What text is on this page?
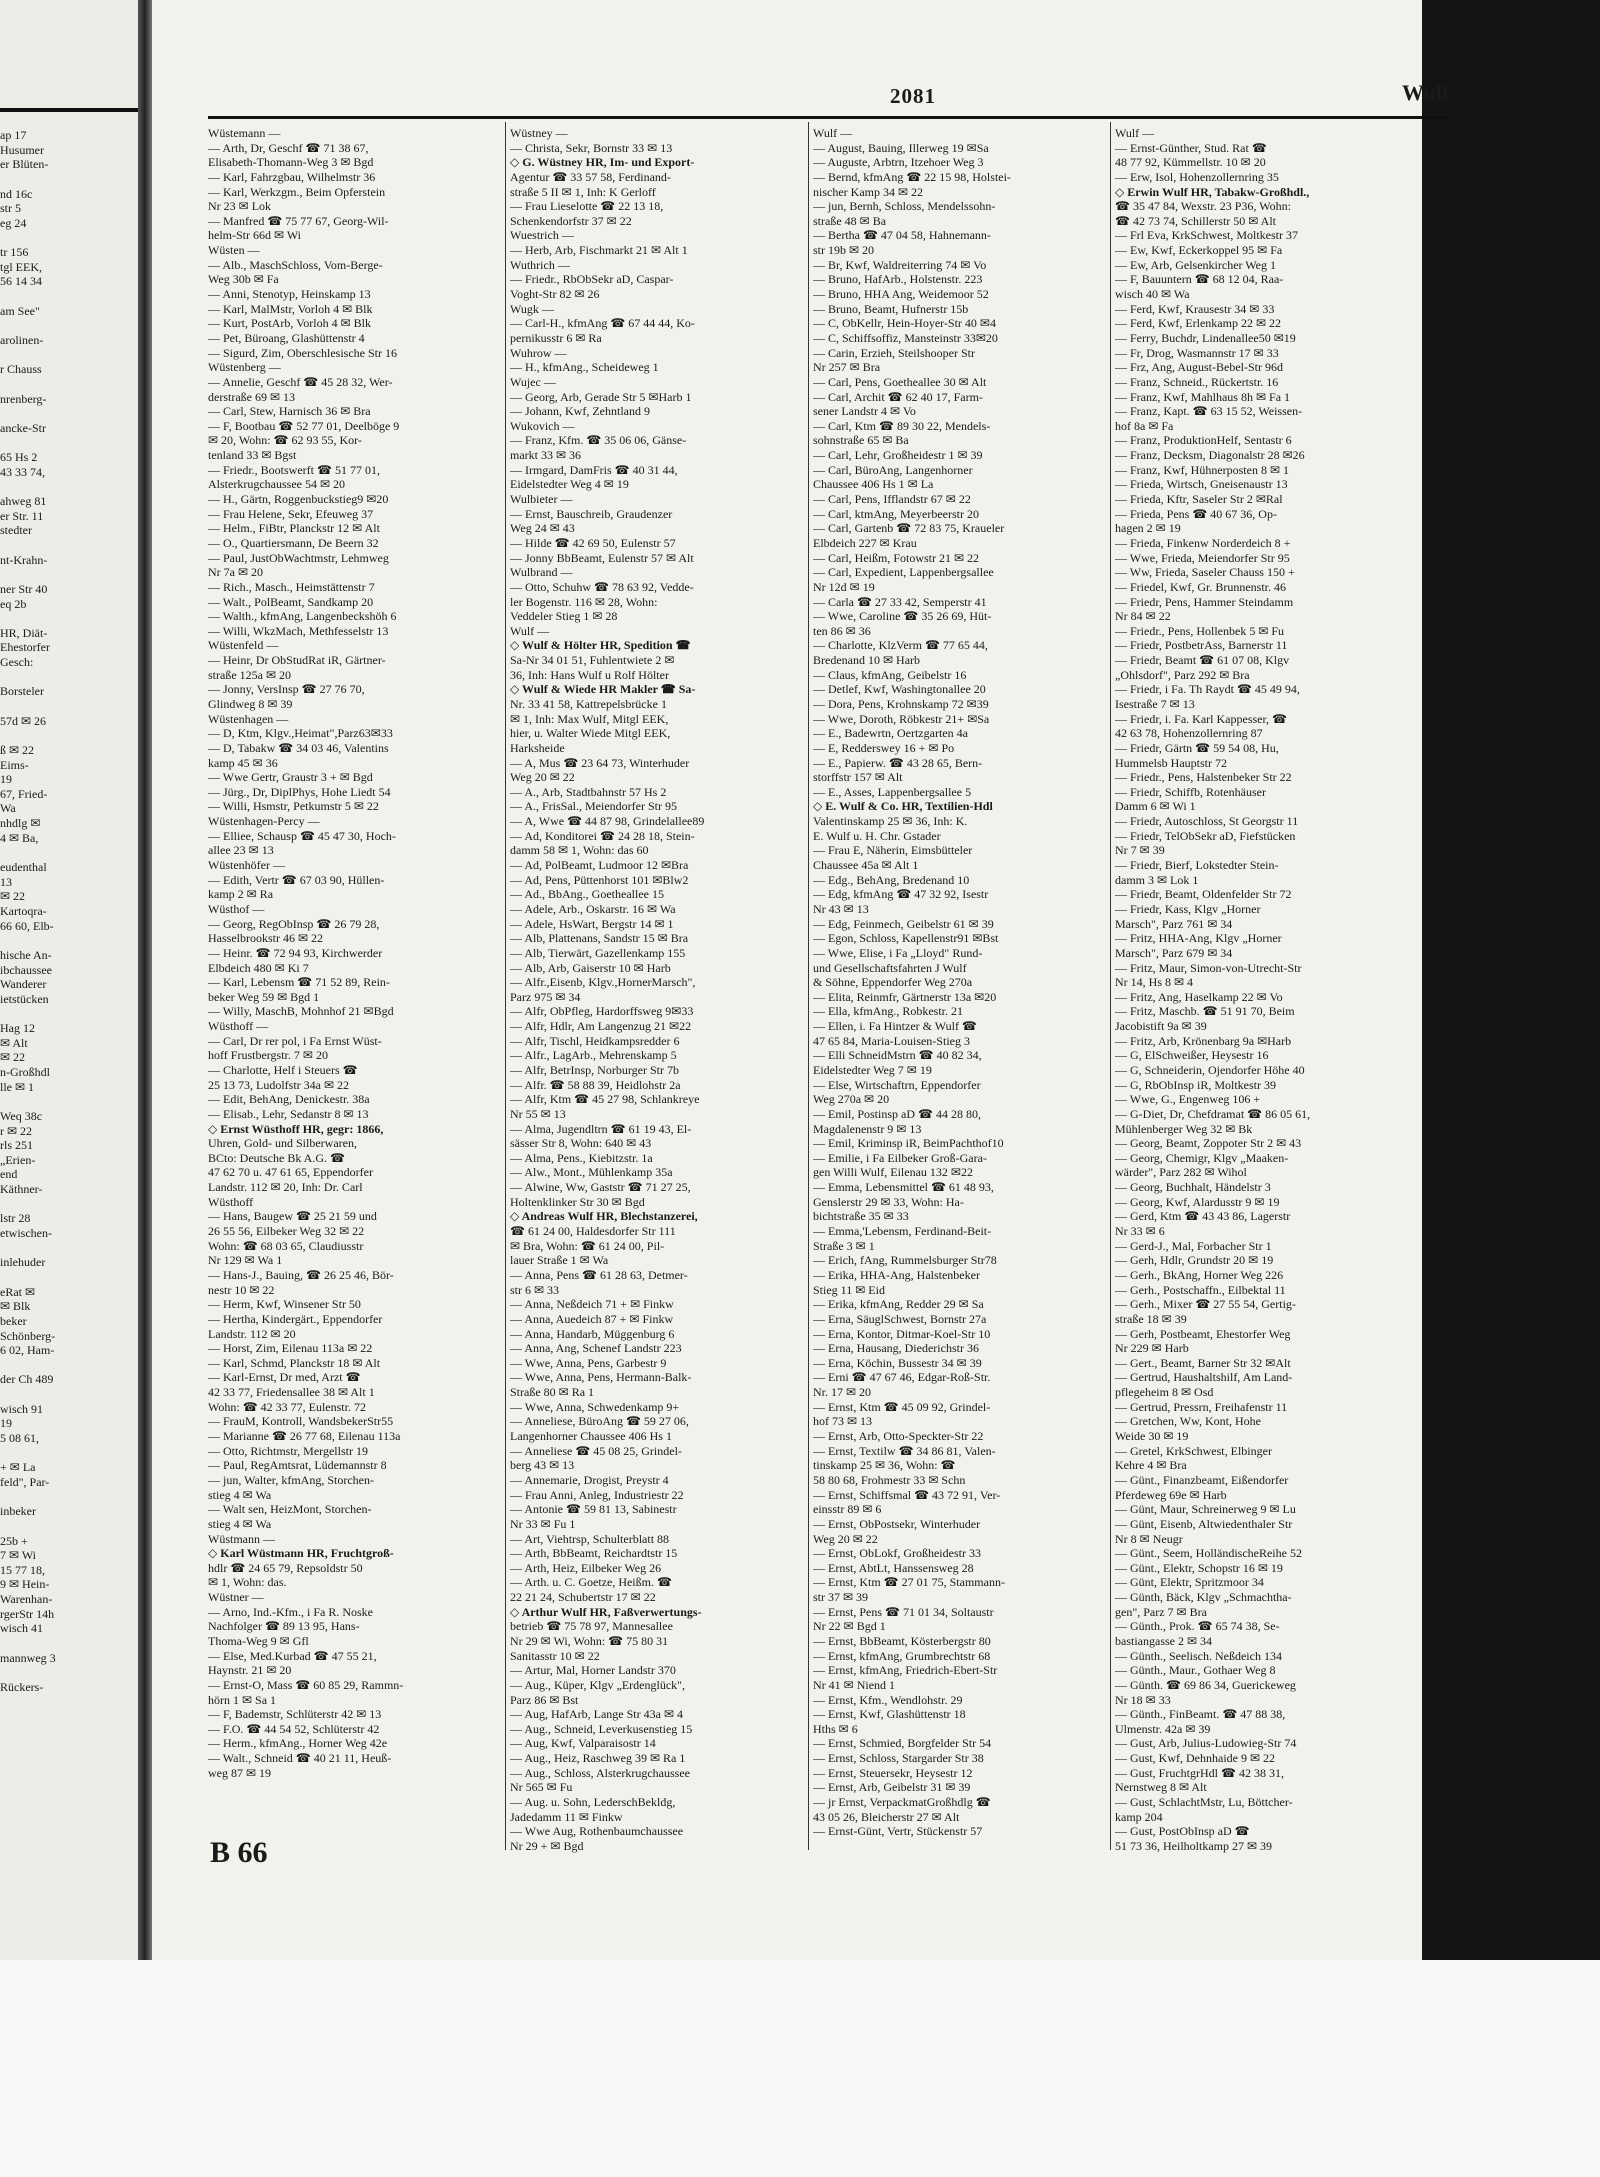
ap 17
Husumer
er Blüten-
nd 16c
str 5
eg 24
tr 156
tgl EEK,
56 14 34
am See"
arolinen-
r Chauss
nrenberg-
ancke-Str
65 Hs 2
43 33 74,
ahweg 81
er Str. 11
stedter
nt-Krahn-
ner Str 40
eq 2b
HR, Diät-
Ehestorfer
Gesch:
Borsteler
57d ✉ 26
ß ✉ 22
Eims-
19
67, Fried-
Wa
nhdlg ✉
4 ✉ Ba,
eudenthal
13
✉ 22
Kartoqra-
66 60, Elb-
hische An-
ibchaussee
Wanderer
ietstücken
Hag 12
✉ Alt
✉ 22
n-Großhdl
lle ✉ 1
Weq 38c
r ✉ 22
rls 251
„Erien-
end
Käthner-
lstr 28
etwischen-
inlehuder
eRat ✉
✉ Blk
beker
Schönberg-
6 02, Ham-
der Ch 489
wisch 91
19
5 08 61,
+ ✉ La
feld", Par-
inbeker
25b +
7 ✉ Wi
15 77 18,
9 ✉ Hein-
Warenhan-
rgerStr 14h
wisch 41
mannweg 3
Rückers-
2081	Wulf
Wüstemann —
— Arth, Dr, Geschf ☎ 71 38 67,
Elisabeth-Thomann-Weg 3 ✉ Bgd
— Karl, Fahrzgbau, Wilhelmstr 36
— Karl, Werkzgm., Beim Opferstein
Nr 23 ✉ Lok
— Manfred ☎ 75 77 67, Georg-Wil-
helm-Str 66d ✉ Wi
Wüsten —
— Alb., MaschSchloss, Vom-Berge-
Weg 30b ✉ Fa
— Anni, Stenotyp, Heinskamp 13
— Karl, MalMstr, Vorloh 4 ✉ Blk
— Kurt, PostArb, Vorloh 4 ✉ Blk
— Pet, Büroang, Glashüttenstr 4
— Sigurd, Zim, Oberschlesische Str 16
Wüstenberg —
— Annelie, Geschf ☎ 45 28 32, Wer-
derstraße 69 ✉ 13
— Carl, Stew, Harnisch 36 ✉ Bra
— F, Bootbau ☎ 52 77 01, Deelböge 9
✉ 20, Wohn: ☎ 62 93 55, Kor-
tenland 33 ✉ Bgst
— Friedr., Bootswerft ☎ 51 77 01,
Alsterkrugchaussee 54 ✉ 20
— H., Gärtn, Roggenbuckstieg9 ✉20
— Frau Helene, Sekr, Efeuweg 37
— Helm., FiBtr, Planckstr 12 ✉ Alt
— O., Quartiersmann, De Beern 32
— Paul, JustObWachtmstr, Lehmweg
Nr 7a ✉ 20
— Rich., Masch., Heimstättenstr 7
— Walt., PolBeamt, Sandkamp 20
— Walth., kfmAng, Langenbeckshöh 6
— Willi, WkzMach, Methfesselstr 13
Wüstenfeld —
— Heinr, Dr ObStudRat iR, Gärtner-
straße 125a ✉ 20
— Jonny, VersInsp ☎ 27 76 70,
Glindweg 8 ✉ 39
Wüstenhagen —
— D, Ktm, Klgv.,Heimat",Parz63✉33
— D, Tabakw ☎ 34 03 46, Valentins
kamp 45 ✉ 36
— Wwe Gertr, Graustr 3 + ✉ Bgd
— Jürg., Dr, DiplPhys, Hohe Liedt 54
— Willi, Hsmstr, Petkumstr 5 ✉ 22
Wüstenhagen-Percy —
— Elliee, Schausp ☎ 45 47 30, Hoch-
allee 23 ✉ 13
Wüstenhöfer —
— Edith, Vertr ☎ 67 03 90, Hüllen-
kamp 2 ✉ Ra
Wüsthof —
— Georg, RegObInsp ☎ 26 79 28,
Hasselbrookstr 46 ✉ 22
— Heinr. ☎ 72 94 93, Kirchwerder
Elbdeich 480 ✉ Ki 7
— Karl, Lebensm ☎ 71 52 89, Rein-
beker Weg 59 ✉ Bgd 1
— Willy, MaschB, Mohnhof 21 ✉Bgd
Wüsthoff —
— Carl, Dr rer pol, i Fa Ernst Wüst-
hoff Frustbergstr. 7 ✉ 20
— Charlotte, Helf i Steuers ☎
25 13 73, Ludolfstr 34a ✉ 22
— Edit, BehAng, Denickestr. 38a
— Elisab., Lehr, Sedanstr 8 ✉ 13
◇ Ernst Wüsthoff HR, gegr: 1866,
Uhren, Gold- und Silberwaren,
BCto: Deutsche Bk A.G. ☎
47 62 70 u. 47 61 65, Eppendorfer
Landstr. 112 ✉ 20, Inh: Dr. Carl
Wüsthoff
— Hans, Baugew ☎ 25 21 59 und
26 55 56, Eilbeker Weg 32 ✉ 22
Wohn: ☎ 68 03 65, Claudiusstr
Nr 129 ✉ Wa 1
— Hans-J., Bauing, ☎ 26 25 46, Bör-
nestr 10 ✉ 22
— Herm, Kwf, Winsener Str 50
— Hertha, Kindergärt., Eppendorfer
Landstr. 112 ✉ 20
— Horst, Zim, Eilenau 113a ✉ 22
— Karl, Schmd, Planckstr 18 ✉ Alt
— Karl-Ernst, Dr med, Arzt ☎
42 33 77, Friedensallee 38 ✉ Alt 1
Wohn: ☎ 42 33 77, Eulenstr. 72
— FrauM, Kontroll, WandsbekerStr55
— Marianne ☎ 26 77 68, Eilenau 113a
— Otto, Richtmstr, Mergellstr 19
— Paul, RegAmtsrat, Lüdemannstr 8
— jun, Walter, kfmAng, Storchen-
stieg 4 ✉ Wa
— Walt sen, HeizMont, Storchen-
stieg 4 ✉ Wa
Wüstmann —
◇ Karl Wüstmann HR, Fruchtgroß-
hdlr ☎ 24 65 79, Repsoldstr 50
✉ 1, Wohn: das.
Wüstner —
— Arno, Ind.-Kfm., i Fa R. Noske
Nachfolger ☎ 89 13 95, Hans-
Thoma-Weg 9 ✉ Gfl
— Else, Med.Kurbad ☎ 47 55 21,
Haynstr. 21 ✉ 20
— Ernst-O, Mass ☎ 60 85 29, Rammn-
hörn 1 ✉ Sa 1
— F, Bademstr, Schlüterstr 42 ✉ 13
— F.O. ☎ 44 54 52, Schlüterstr 42
— Herm., kfmAng., Horner Weg 42e
— Walt., Schneid ☎ 40 21 11, Heuß-
weg 87 ✉ 19
Wüstney —
— Christa, Sekr, Bornstr 33 ✉ 13
◇ G. Wüstney HR, Im- und Export-
Agentur ☎ 33 57 58, Ferdinand-
straße 5 II ✉ 1, Inh: K Gerloff
— Frau Lieselotte ☎ 22 13 18,
Schenkendorfstr 37 ✉ 22
Wuestrich —
— Herb, Arb, Fischmarkt 21 ✉ Alt 1
Wuthrich —
— Friedr., RbObSekr aD, Caspar-
Voght-Str 82 ✉ 26
Wugk —
— Carl-H., kfmAng ☎ 67 44 44, Ko-
pernikusstr 6 ✉ Ra
Wuhrow —
— H., kfmAng., Scheideweg 1
Wujec —
— Georg, Arb, Gerade Str 5 ✉Harb 1
— Johann, Kwf, Zehntland 9
Wukovich —
— Franz, Kfm. ☎ 35 06 06, Gänse-
markt 33 ✉ 36
— Irmgard, DamFris ☎ 40 31 44,
Eidelstedter Weg 4 ✉ 19
Wulbieter —
— Ernst, Bauschreib, Graudenzer
Weg 24 ✉ 43
— Hilde ☎ 42 69 50, Eulenstr 57
— Jonny BbBeamt, Eulenstr 57 ✉ Alt
Wulbrand —
— Otto, Schuhw ☎ 78 63 92, Vedde-
ler Bogenstr. 116 ✉ 28, Wohn:
Veddeler Stieg 1 ✉ 28
Wulf —
◇ Wulf & Hölter HR, Spedition ☎
Sa-Nr 34 01 51, Fuhlentwiete 2 ✉
36, Inh: Hans Wulf u Rolf Hölter
◇ Wulf & Wiede HR Makler ☎ Sa-
Nr. 33 41 58, Kattrepelsbrücke 1
✉ 1, Inh: Max Wulf, Mitgl EEK,
hier, u. Walter Wiede Mitgl EEK,
Harksheide
— A, Mus ☎ 23 64 73, Winterhuder
Weg 20 ✉ 22
— A., Arb, Stadtbahnstr 57 Hs 2
— A., FrisSal., Meiendorfer Str 95
— A, Wwe ☎ 44 87 98, Grindelallee89
— Ad, Konditorei ☎ 24 28 18, Stein-
damm 58 ✉ 1, Wohn: das 60
— Ad, PolBeamt, Ludmoor 12 ✉Bra
— Ad, Pens, Püttenhorst 101 ✉Blw2
— Ad., BbAng., Goetheallee 15
— Adele, Arb., Oskarstr. 16 ✉ Wa
— Adele, HsWart, Bergstr 14 ✉ 1
— Alb, Plattenans, Sandstr 15 ✉ Bra
— Alb, Tierwärt, Gazellenkamp 155
— Alb, Arb, Gaiserstr 10 ✉ Harb
— Alfr.,Eisenb, Klgv.,HornerMarsch",
Parz 975 ✉ 34
— Alfr, ObPfleg, Hardorffsweg 9✉33
— Alfr, Hdlr, Am Langenzug 21 ✉22
— Alfr, Tischl, Heidkampsredder 6
— Alfr., LagArb., Mehrenskamp 5
— Alfr, BetrInsp, Norburger Str 7b
— Alfr. ☎ 58 88 39, Heidlohstr 2a
— Alfr, Ktm ☎ 45 27 98, Schlankreye
Nr 55 ✉ 13
— Alma, Jugendltrn ☎ 61 19 43, El-
sässer Str 8, Wohn: 640 ✉ 43
— Alma, Pens., Kiebitzstr. 1a
— Alw., Mont., Mühlenkamp 35a
— Alwine, Ww, Gaststr ☎ 71 27 25,
Holtenklinker Str 30 ✉ Bgd
◇ Andreas Wulf HR, Blechstanzerei,
☎ 61 24 00, Haldesdorfer Str 111
✉ Bra, Wohn: ☎ 61 24 00, Pil-
lauer Straße 1 ✉ Wa
— Anna, Pens ☎ 61 28 63, Detmer-
str 6 ✉ 33
— Anna, Neßdeich 71 + ✉ Finkw
— Anna, Auedeich 87 + ✉ Finkw
— Anna, Handarb, Müggenburg 6
— Anna, Ang, Schenef Landstr 223
— Wwe, Anna, Pens, Garbestr 9
— Wwe, Anna, Pens, Hermann-Balk-
Straße 80 ✉ Ra 1
— Wwe, Anna, Schwedenkamp 9+
— Anneliese, BüroAng ☎ 59 27 06,
Langenhorner Chaussee 406 Hs 1
— Anneliese ☎ 45 08 25, Grindel-
berg 43 ✉ 13
— Annemarie, Drogist, Preystr 4
— Frau Anni, Anleg, Industriestr 22
— Antonie ☎ 59 81 13, Sabinestr
Nr 33 ✉ Fu 1
— Art, Viehtrsp, Schulterblatt 88
— Arth, BbBeamt, Reichardtstr 15
— Arth, Heiz, Eilbeker Weg 26
— Arth. u. C. Goetze, Heißm. ☎
22 21 24, Schubertstr 17 ✉ 22
◇ Arthur Wulf HR, Faßverwertungs-
betrieb ☎ 75 78 97, Mannesallee
Nr 29 ✉ Wi, Wohn: ☎ 75 80 31
Sanitasstr 10 ✉ 22
— Artur, Mal, Horner Landstr 370
— Aug., Küper, Klgv „Erdenglück",
Parz 86 ✉ Bst
— Aug, HafArb, Lange Str 43a ✉ 4
— Aug., Schneid, Leverkusenstieg 15
— Aug, Kwf, Valparaisostr 14
— Aug., Heiz, Raschweg 39 ✉ Ra 1
— Aug., Schloss, Alsterkrugchaussee
Nr 565 ✉ Fu
— Aug. u. Sohn, LederschBekldg,
Jadedamm 11 ✉ Finkw
— Wwe Aug, Rothenbaumchaussee
Nr 29 + ✉ Bgd
Wulf —
— August, Bauing, Illerweg 19 ✉Sa
— Auguste, Arbtrn, Itzehoer Weg 3
— Bernd, kfmAng ☎ 22 15 98, Holstei-
nischer Kamp 34 ✉ 22
— jun, Bernh, Schloss, Mendelssohn-
straße 48 ✉ Ba
— Bertha ☎ 47 04 58, Hahnemann-
str 19b ✉ 20
— Br, Kwf, Waldreiterring 74 ✉ Vo
— Bruno, HafArb., Holstenstr. 223
— Bruno, HHA Ang, Weidemoor 52
— Bruno, Beamt, Hufnerstr 15b
— C, ObKellr, Hein-Hoyer-Str 40 ✉4
— C, Schiffsoffiz, Mansteinstr 33✉20
— Carin, Erzieh, Steilshooper Str
Nr 257 ✉ Bra
— Carl, Pens, Goetheallee 30 ✉ Alt
— Carl, Archit ☎ 62 40 17, Farm-
sener Landstr 4 ✉ Vo
— Carl, Ktm ☎ 89 30 22, Mendels-
sohnstraße 65 ✉ Ba
— Carl, Lehr, Großheidestr 1 ✉ 39
— Carl, BüroAng, Langenhorner
Chaussee 406 Hs 1 ✉ La
— Carl, Pens, Ifflandstr 67 ✉ 22
— Carl, ktmAng, Meyerbeerstr 20
— Carl, Gartenb ☎ 72 83 75, Kraueler
Elbdeich 227 ✉ Krau
— Carl, Heißm, Fotowstr 21 ✉ 22
— Carl, Expedient, Lappenbergsallee
Nr 12d ✉ 19
— Carla ☎ 27 33 42, Semperstr 41
— Wwe, Caroline ☎ 35 26 69, Hüt-
ten 86 ✉ 36
— Charlotte, KlzVerm ☎ 77 65 44,
Bredenand 10 ✉ Harb
— Claus, kfmAng, Geibelstr 16
— Detlef, Kwf, Washingtonallee 20
— Dora, Pens, Krohnskamp 72 ✉39
— Wwe, Doroth, Röbkestr 21+ ✉Sa
— E., Badewrtn, Oertzgarten 4a
— E, Redderswey 16 + ✉ Po
— E., Papierw. ☎ 43 28 65, Bern-
storffstr 157 ✉ Alt
— E., Asses, Lappenbergsallee 5
◇ E. Wulf & Co. HR, Textilien-Hdl
Valentinskamp 25 ✉ 36, Inh: K.
E. Wulf u. H. Chr. Gstader
— Frau E, Näherin, Eimsbütteler
Chaussee 45a ✉ Alt 1
— Edg., BehAng, Bredenand 10
— Edg, kfmAng ☎ 47 32 92, Isestr
Nr 43 ✉ 13
— Edg, Feinmech, Geibelstr 61 ✉ 39
— Egon, Schloss, Kapellenstr91 ✉Bst
— Wwe, Elise, i Fa „Lloyd" Rund-
und Gesellschaftsfahrten J Wulf
& Söhne, Eppendorfer Weg 270a
— Elita, Reinmfr, Gärtnerstr 13a ✉20
— Ella, kfmAng., Robkestr. 21
— Ellen, i. Fa Hintzer & Wulf ☎
47 65 84, Maria-Louisen-Stieg 3
— Elli SchneidMstrn ☎ 40 82 34,
Eidelstedter Weg 7 ✉ 19
— Else, Wirtschaftrn, Eppendorfer
Weg 270a ✉ 20
— Emil, Postinsp aD ☎ 44 28 80,
Magdalenenstr 9 ✉ 13
— Emil, Kriminsp iR, BeimPachthof10
— Emilie, i Fa Eilbeker Groß-Gara-
gen Willi Wulf, Eilenau 132 ✉22
— Emma, Lebensmittel ☎ 61 48 93,
Genslerstr 29 ✉ 33, Wohn: Ha-
bichtstraße 35 ✉ 33
— Emma,'Lebensm, Ferdinand-Beit-
Straße 3 ✉ 1
— Erich, fAng, Rummelsburger Str78
— Erika, HHA-Ang, Halstenbeker
Stieg 11 ✉ Eid
— Erika, kfmAng, Redder 29 ✉ Sa
— Erna, SäuglSchwest, Bornstr 27a
— Erna, Kontor, Ditmar-Koel-Str 10
— Erna, Hausang, Diederichstr 36
— Erna, Köchin, Bussestr 34 ✉ 39
— Erni ☎ 47 67 46, Edgar-Roß-Str.
Nr. 17 ✉ 20
— Ernst, Ktm ☎ 45 09 92, Grindel-
hof 73 ✉ 13
— Ernst, Arb, Otto-Speckter-Str 22
— Ernst, Textilw ☎ 34 86 81, Valen-
tinskamp 25 ✉ 36, Wohn: ☎
58 80 68, Frohmestr 33 ✉ Schn
— Ernst, Schiffsmal ☎ 43 72 91, Ver-
einsstr 89 ✉ 6
— Ernst, ObPostsekr, Winterhuder
Weg 20 ✉ 22
— Ernst, ObLokf, Großheidestr 33
— Ernst, AbtLt, Hanssensweg 28
— Ernst, Ktm ☎ 27 01 75, Stammann-
str 37 ✉ 39
— Ernst, Pens ☎ 71 01 34, Soltaustr
Nr 22 ✉ Bgd 1
— Ernst, BbBeamt, Kösterbergstr 80
— Ernst, kfmAng, Grumbrechtstr 68
— Ernst, kfmAng, Friedrich-Ebert-Str
Nr 41 ✉ Niend 1
— Ernst, Kfm., Wendlohstr. 29
— Ernst, Kwf, Glashüttenstr 18
Hths ✉ 6
— Ernst, Schmied, Borgfelder Str 54
— Ernst, Schloss, Stargarder Str 38
— Ernst, Steuersekr, Heysestr 12
— Ernst, Arb, Geibelstr 31 ✉ 39
— jr Ernst, VerpackmatGroßhdlg ☎
43 05 26, Bleicherstr 27 ✉ Alt
— Ernst-Günt, Vertr, Stückenstr 57
Wulf —
— Ernst-Günther, Stud. Rat ☎
48 77 92, Kümmellstr. 10 ✉ 20
— Erw, Isol, Hohenzollernring 35
◇ Erwin Wulf HR, Tabakw-Großhdl.,
☎ 35 47 84, Wexstr. 23 P36, Wohn:
☎ 42 73 74, Schillerstr 50 ✉ Alt
— Frl Eva, KrkSchwest, Moltkestr 37
— Ew, Kwf, Eckerkoppel 95 ✉ Fa
— Ew, Arb, Gelsenkircher Weg 1
— F, Bauuntern ☎ 68 12 04, Raa-
wisch 40 ✉ Wa
— Ferd, Kwf, Krausestr 34 ✉ 33
— Ferd, Kwf, Erlenkamp 22 ✉ 22
— Ferry, Buchdr, Lindenallee50 ✉19
— Fr, Drog, Wasmannstr 17 ✉ 33
— Frz, Ang, August-Bebel-Str 96d
— Franz, Schneid., Rückertstr. 16
— Franz, Kwf, Mahlhaus 8h ✉ Fa 1
— Franz, Kapt. ☎ 63 15 52, Weissen-
hof 8a ✉ Fa
— Franz, ProduktionHelf, Sentastr 6
— Franz, Decksm, Diagonalstr 28 ✉26
— Franz, Kwf, Hühnerposten 8 ✉ 1
— Frieda, Wirtsch, Gneisenaustr 13
— Frieda, Kftr, Saseler Str 2 ✉Ral
— Frieda, Pens ☎ 40 67 36, Op-
hagen 2 ✉ 19
— Frieda, Finkenw Norderdeich 8 +
— Wwe, Frieda, Meiendorfer Str 95
— Ww, Frieda, Saseler Chauss 150 +
— Friedel, Kwf, Gr. Brunnenstr. 46
— Friedr, Pens, Hammer Steindamm
Nr 84 ✉ 22
— Friedr., Pens, Hollenbek 5 ✉ Fu
— Friedr, PostbetrAss, Barnerstr 11
— Friedr, Beamt ☎ 61 07 08, Klgv
„Ohlsdorf", Parz 292 ✉ Bra
— Friedr, i Fa. Th Raydt ☎ 45 49 94,
Isestraße 7 ✉ 13
— Friedr, i. Fa. Karl Kappesser, ☎
42 63 78, Hohenzollernring 87
— Friedr, Gärtn ☎ 59 54 08, Hu,
Hummelsb Hauptstr 72
— Friedr., Pens, Halstenbeker Str 22
— Friedr, Schiffb, Rotenhäuser
Damm 6 ✉ Wi 1
— Friedr, Autoschloss, St Georgstr 11
— Friedr, TelObSekr aD, Fiefstücken
Nr 7 ✉ 39
— Friedr, Bierf, Lokstedter Stein-
damm 3 ✉ Lok 1
— Friedr, Beamt, Oldenfelder Str 72
— Friedr, Kass, Klgv „Horner
Marsch", Parz 761 ✉ 34
— Fritz, HHA-Ang, Klgv „Horner
Marsch", Parz 679 ✉ 34
— Fritz, Maur, Simon-von-Utrecht-Str
Nr 14, Hs 8 ✉ 4
— Fritz, Ang, Haselkamp 22 ✉ Vo
— Fritz, Maschb. ☎ 51 91 70, Beim
Jacobistift 9a ✉ 39
— Fritz, Arb, Krönenbarg 9a ✉Harb
— G, ElSchweißer, Heysestr 16
— G, Schneiderin, Ojendorfer Höhe 40
— G, RbObInsp iR, Moltkestr 39
— Wwe, G., Engenweg 106 +
— G-Diet, Dr, Chefdramat ☎ 86 05 61,
Mühlenberger Weg 32 ✉ Bk
— Georg, Beamt, Zoppoter Str 2 ✉ 43
— Georg, Chemigr, Klgv „Maaken-
wärder", Parz 282 ✉ Wihol
— Georg, Buchhalt, Händelstr 3
— Georg, Kwf, Alardusstr 9 ✉ 19
— Gerd, Ktm ☎ 43 43 86, Lagerstr
Nr 33 ✉ 6
— Gerd-J., Mal, Forbacher Str 1
— Gerh, Hdlr, Grundstr 20 ✉ 19
— Gerh., BkAng, Horner Weg 226
— Gerh., Postschaffn., Eilbektal 11
— Gerh., Mixer ☎ 27 55 54, Gertig-
straße 18 ✉ 39
— Gerh, Postbeamt, Ehestorfer Weg
Nr 229 ✉ Harb
— Gert., Beamt, Barner Str 32 ✉Alt
— Gertrud, Haushaltshilf, Am Land-
pflegeheim 8 ✉ Osd
— Gertrud, Pressrn, Freihafenstr 11
— Gretchen, Ww, Kont, Hohe
Weide 30 ✉ 19
— Gretel, KrkSchwest, Elbinger
Kehre 4 ✉ Bra
— Günt., Finanzbeamt, Eißendorfer
Pferdeweg 69e ✉ Harb
— Günt, Maur, Schreinerweg 9 ✉ Lu
— Günt, Eisenb, Altwiedenthaler Str
Nr 8 ✉ Neugr
— Günt., Seem, HolländischeReihe 52
— Günt., Elektr, Schopstr 16 ✉ 19
— Günt, Elektr, Spritzmoor 34
— Günth, Bäck, Klgv „Schmachtha-
gen", Parz 7 ✉ Bra
— Günth., Prok. ☎ 65 74 38, Se-
bastiangasse 2 ✉ 34
— Günth., Seelisch. Neßdeich 134
— Günth., Maur., Gothaer Weg 8
— Günth. ☎ 69 86 34, Guerickeweg
Nr 18 ✉ 33
— Günth., FinBeamt. ☎ 47 88 38,
Ulmenstr. 42a ✉ 39
— Gust, Arb, Julius-Ludowieg-Str 74
— Gust, Kwf, Dehnhaide 9 ✉ 22
— Gust, FruchtgrHdl ☎ 42 38 31,
Nernstweg 8 ✉ Alt
— Gust, SchlachtMstr, Lu, Böttcher-
kamp 204
— Gust, PostObInsp aD ☎
51 73 36, Heilholtkamp 27 ✉ 39
B 66
